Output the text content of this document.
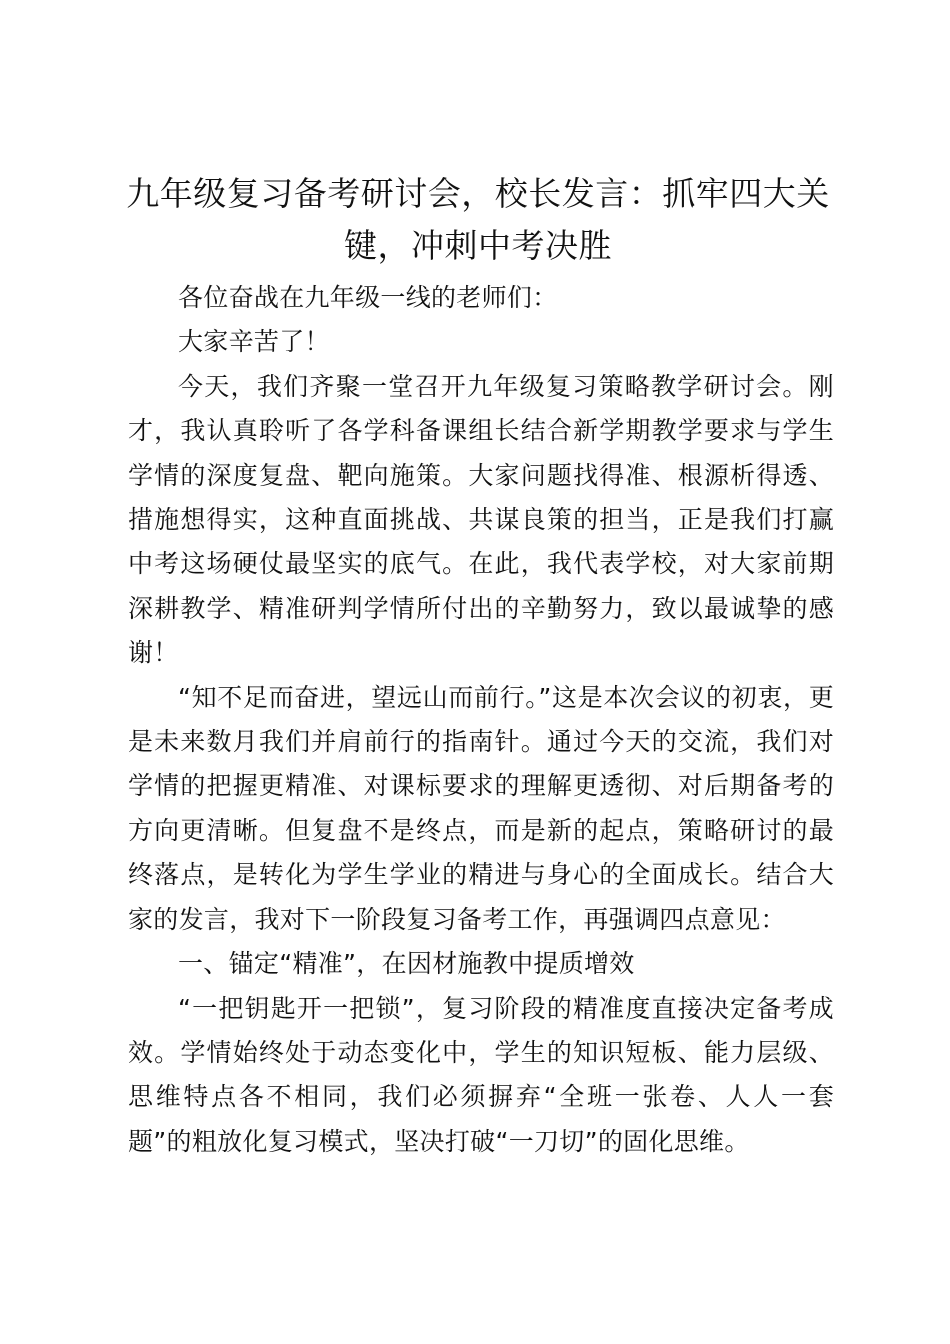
九年级复习备考研讨会，校长发言：抓牢四大关键，冲刺中考决胜

各位奋战在九年级一线的老师们：

大家辛苦了！

今天，我们齐聚一堂召开九年级复习策略教学研讨会。刚才，我认真聆听了各学科备课组长结合新学期教学要求与学生学情的深度复盘、靶向施策。大家问题找得准、根源析得透、措施想得实，这种直面挑战、共谋良策的担当，正是我们打赢中考这场硬仗最坚实的底气。在此，我代表学校，对大家前期深耕教学、精准研判学情所付出的辛勤努力，致以最诚挚的感谢！

“知不足而奋进，望远山而前行。”这是本次会议的初衷，更是未来数月我们并肩前行的指南针。通过今天的交流，我们对学情的把握更精准、对课标要求的理解更透彻、对后期备考的方向更清晰。但复盘不是终点，而是新的起点，策略研讨的最终落点，是转化为学生学业的精进与身心的全面成长。结合大家的发言，我对下一阶段复习备考工作，再强调四点意见：

一、锚定“精准”，在因材施教中提质增效

“一把钥匙开一把锁”，复习阶段的精准度直接决定备考成效。学情始终处于动态变化中，学生的知识短板、能力层级、思维特点各不相同，我们必须摒弃“全班一张卷、人人一套题”的粗放化复习模式，坚决打破“一刀切”的固化思维。
